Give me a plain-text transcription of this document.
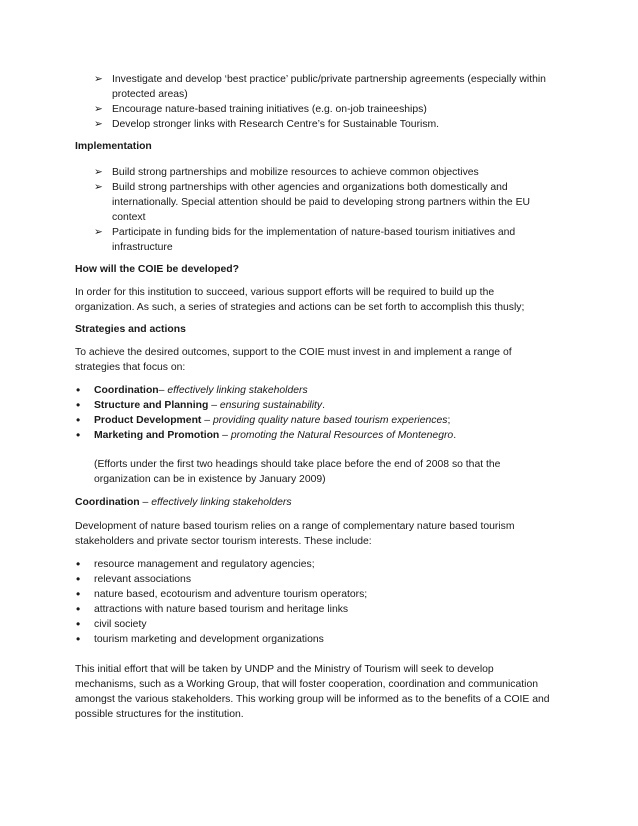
➢ Investigate and develop ‘best practice’ public/private partnership agreements (especially within
protected areas)
➢ Encourage nature-based training initiatives (e.g. on-job traineeships)
➢ Develop stronger links with Research Centre’s for Sustainable Tourism.
Implementation
➢ Build strong partnerships and mobilize resources to achieve common objectives
➢ Build strong partnerships with other agencies and organizations both domestically and
internationally. Special attention should be paid to developing strong partners within the EU
context
➢ Participate in funding bids for the implementation of nature-based tourism initiatives and
infrastructure
How will the COIE be developed?
In order for this institution to succeed, various support efforts will be required to build up the
organization. As such, a series of strategies and actions can be set forth to accomplish this thusly;
Strategies and actions
To achieve the desired outcomes, support to the COIE must invest in and implement a range of
strategies that focus on:
• Coordination– effectively linking stakeholders
• Structure and Planning – ensuring sustainability.
• Product Development – providing quality nature based tourism experiences;
• Marketing and Promotion – promoting the Natural Resources of Montenegro.
(Efforts under the first two headings should take place before the end of 2008 so that the
organization can be in existence by January 2009)
Coordination – effectively linking stakeholders
Development of nature based tourism relies on a range of complementary nature based tourism
stakeholders and private sector tourism interests. These include:
• resource management and regulatory agencies;
• relevant associations
• nature based, ecotourism and adventure tourism operators;
• attractions with nature based tourism and heritage links
• civil society
• tourism marketing and development organizations
This initial effort that will be taken by UNDP and the Ministry of Tourism will seek to develop
mechanisms, such as a Working Group, that will foster cooperation, coordination and communication
amongst the various stakeholders. This working group will be informed as to the benefits of a COIE and
possible structures for the institution.
